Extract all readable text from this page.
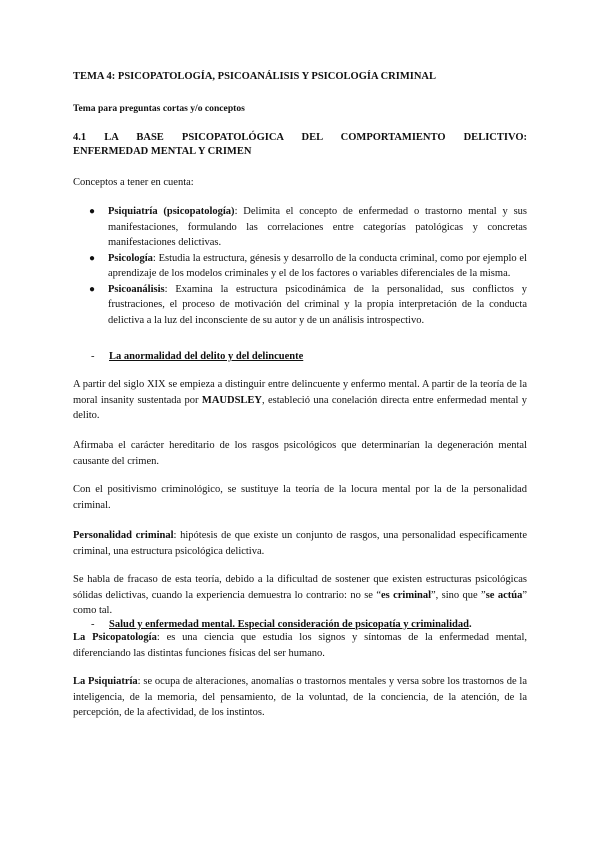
TEMA 4: PSICOPATOLOGÍA, PSICOANÁLISIS Y PSICOLOGÍA CRIMINAL
Tema para preguntas cortas y/o conceptos
4.1 LA BASE PSICOPATOLÓGICA DEL COMPORTAMIENTO DELICTIVO:
ENFERMEDAD MENTAL Y CRIMEN
Conceptos a tener en cuenta:
● Psiquiatría (psicopatología): Delimita el concepto de enfermedad o trastorno mental y sus manifestaciones, formulando las correlaciones entre categorías patológicas y concretas manifestaciones delictivas.
● Psicología: Estudia la estructura, génesis y desarrollo de la conducta criminal, como por ejemplo el aprendizaje de los modelos criminales y el de los factores o variables diferenciales de la misma.
● Psicoanálisis: Examina la estructura psicodinámica de la personalidad, sus conflictos y frustraciones, el proceso de motivación del criminal y la propia interpretación de la conducta delictiva a la luz del inconsciente de su autor y de un análisis introspectivo.
- La anormalidad del delito y del delincuente

A partir del siglo XIX se empieza a distinguir entre delincuente y enfermo mental. A partir de la teoría de la moral insanity sustentada por MAUDSLEY, estableció una conelación directa entre enfermedad mental y delito.

Afirmaba el carácter hereditario de los rasgos psicológicos que determinarían la degeneración mental causante del crimen.

Con el positivismo criminológico, se sustituye la teoría de la locura mental por la de la personalidad criminal.

Personalidad criminal: hipótesis de que existe un conjunto de rasgos, una personalidad específicamente criminal, una estructura psicológica delictiva.

Se habla de fracaso de esta teoría, debido a la dificultad de sostener que existen estructuras psicológicas sólidas delictivas, cuando la experiencia demuestra lo contrario: no se “es criminal”, sino que ”se actúa” como tal.

- Salud y enfermedad mental. Especial consideración de psicopatía y criminalidad.

La Psicopatología: es una ciencia que estudia los signos y síntomas de la enfermedad mental, diferenciando las distintas funciones físicas del ser humano.

La Psiquiatría: se ocupa de alteraciones, anomalías o trastornos mentales y versa sobre los trastornos de la inteligencia, de la memoria, del pensamiento, de la voluntad, de la conciencia, de la atención, de la percepción, de la afectividad, de los instintos.
